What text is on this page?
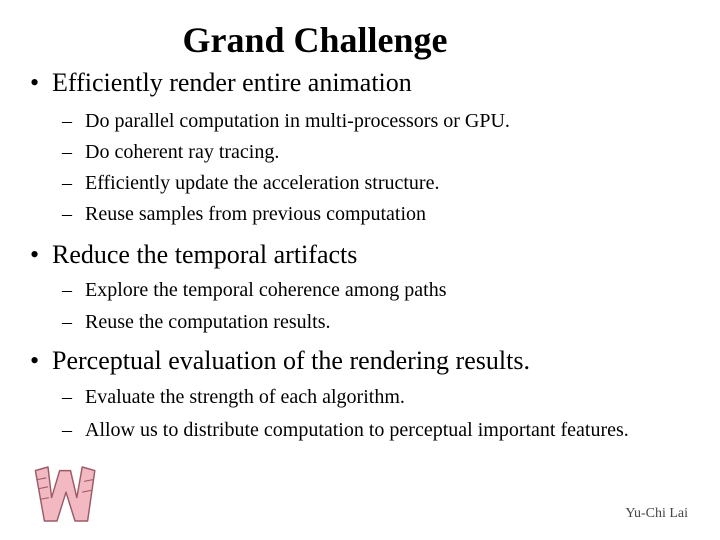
Grand Challenge
• Efficiently render entire animation
– Do parallel computation in multi-processors or GPU.
– Do coherent ray tracing.
– Efficiently update the acceleration structure.
– Reuse samples from previous computation
• Reduce the temporal artifacts
– Explore the temporal coherence among paths
– Reuse the computation results.
• Perceptual evaluation of the rendering results.
– Evaluate the strength of each algorithm.
– Allow us to distribute computation to perceptual important features.
Yu-Chi Lai
